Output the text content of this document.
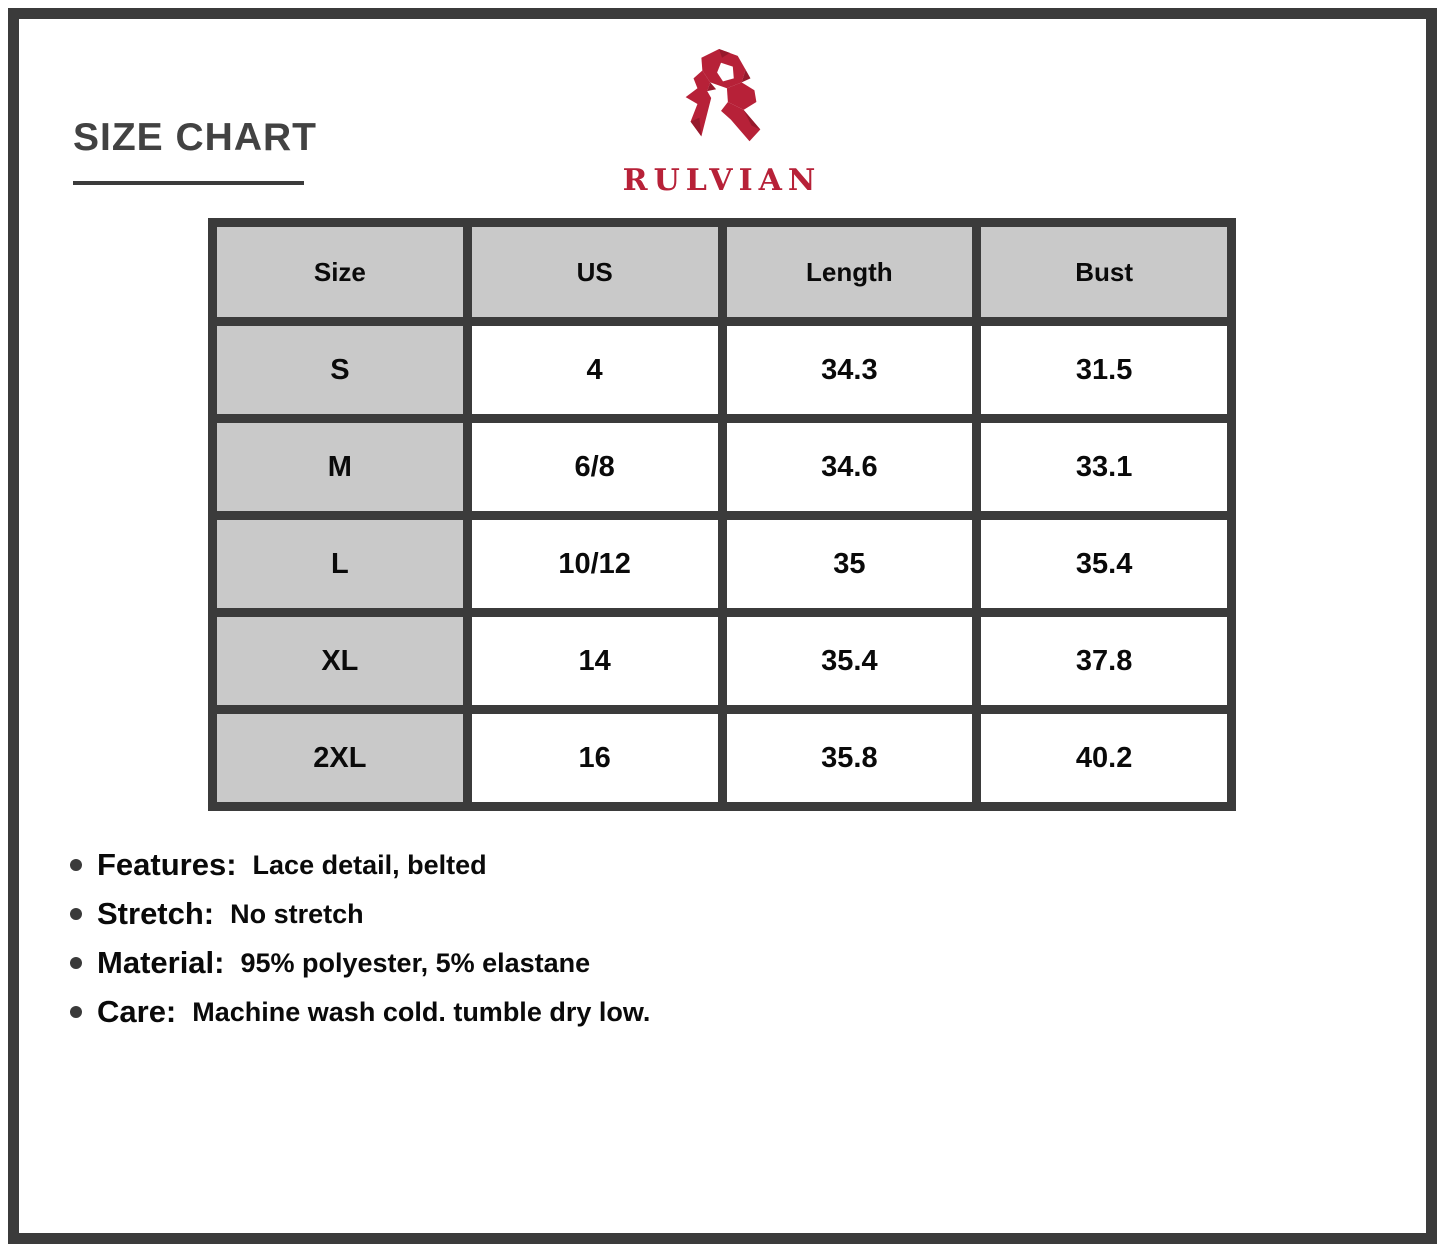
SIZE CHART
RULVIAN
Size	US	Length	Bust
S	4	34.3	31.5
M	6/8	34.6	33.1
L	10/12	35	35.4
XL	14	35.4	37.8
2XL	16	35.8	40.2
Features: Lace detail, belted
Stretch: No stretch
Material: 95% polyester, 5% elastane
Care: Machine wash cold. tumble dry low.
